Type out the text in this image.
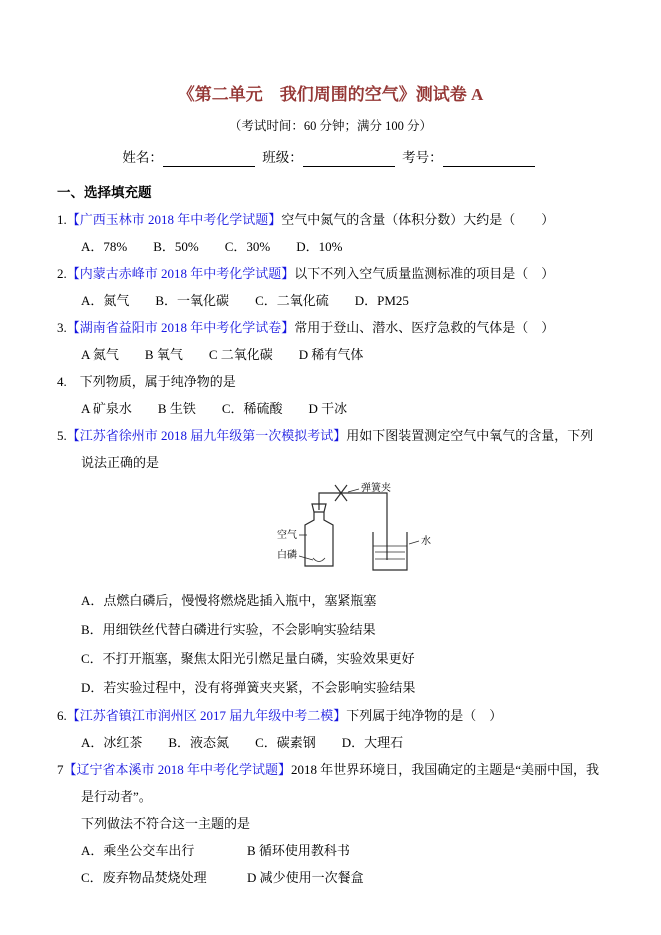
《第二单元　我们周围的空气》测试卷 A
（考试时间：60 分钟；满分 100 分）
姓名：	班级：	考号：
一、选择填充题
1.【广西玉林市 2018 年中考化学试题】空气中氮气的含量（体积分数）大约是（　　）
A．78% B．50% C．30% D．10%
2.【内蒙古赤峰市 2018 年中考化学试题】以下不列入空气质量监测标准的项目是（　）
A．氮气 B．一氧化碳 C．二氧化硫 D．PM25
3.【湖南省益阳市 2018 年中考化学试卷】常用于登山、潜水、医疗急救的气体是（　）
A 氮气 B 氧气 C 二氧化碳 D 稀有气体
4.　下列物质，属于纯净物的是
A 矿泉水 B 生铁 C．稀硫酸 D 干冰
5.【江苏省徐州市 2018 届九年级第一次模拟考试】用如下图装置测定空气中氧气的含量，下列说法正确的是
弹簧夹
空气
白磷
水
A．点燃白磷后，慢慢将燃烧匙插入瓶中，塞紧瓶塞
B．用细铁丝代替白磷进行实验，不会影响实验结果
C．不打开瓶塞，聚焦太阳光引燃足量白磷，实验效果更好
D．若实验过程中，没有将弹簧夹夹紧，不会影响实验结果
6.【江苏省镇江市润州区 2017 届九年级中考二模】下列属于纯净物的是（　）
A．冰红茶 B．液态氮 C．碳素钢 D．大理石
7【辽宁省本溪市 2018 年中考化学试题】2018 年世界环境日，我国确定的主题是“美丽中国，我是行动者”。
下列做法不符合这一主题的是
A．乘坐公交车出行	B 循环使用教科书
C．废弃物品焚烧处理	D 减少使用一次餐盒
